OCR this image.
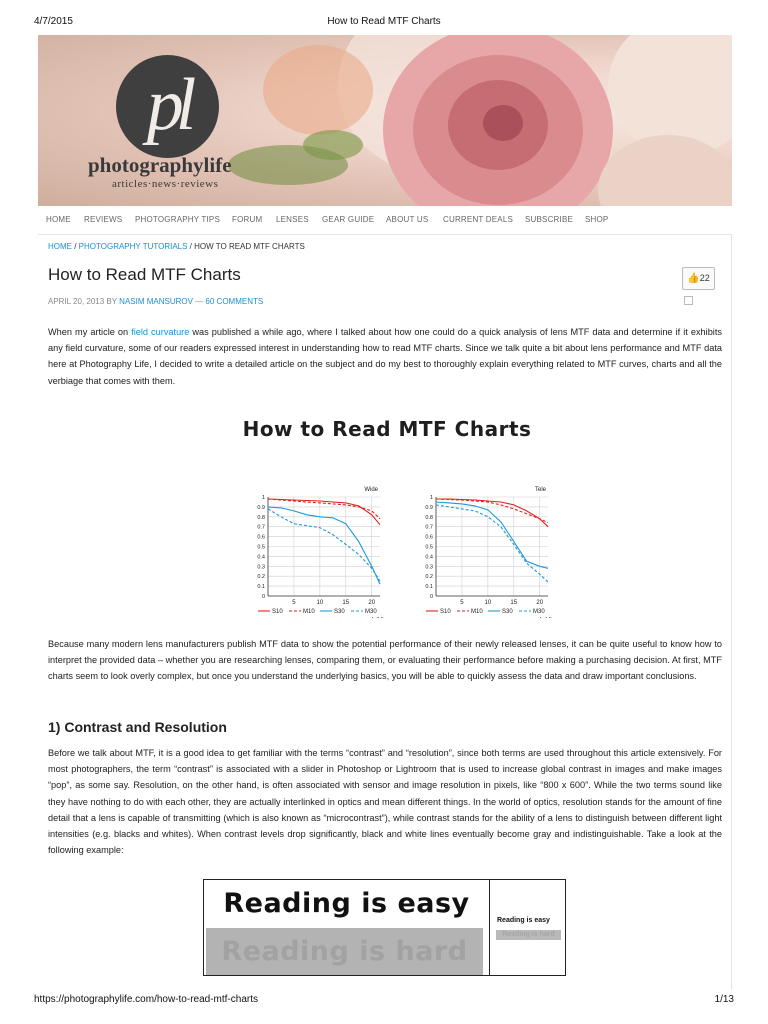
4/7/2015	How to Read MTF Charts
pl
photographylife
articles·news·reviews
HOME REVIEWS PHOTOGRAPHY TIPS FORUM LENSES GEAR GUIDE ABOUT US CURRENT DEALS SUBSCRIBE SHOP
HOME / PHOTOGRAPHY TUTORIALS / HOW TO READ MTF CHARTS
How to Read MTF Charts
APRIL 20, 2013 BY NASIM MANSUROV — 60 COMMENTS
👍22

When my article on field curvature was published a while ago, where I talked about how one could do a quick analysis of lens MTF data and determine if it exhibits any field curvature, some of our readers expressed interest in understanding how to read MTF charts. Since we talk quite a bit about lens performance and MTF data here at Photography Life, I decided to write a detailed article on the subject and do my best to thoroughly explain everything related to MTF curves, charts and all the verbiage that comes with them.

How to Read MTF Charts
1
0.9
0.8
0.7
0.6
0.5
0.4
0.3
0.2
0.1
0
5	10	15	20
Wide
S10	M10	S30	M30
1
0.9
0.8
0.7
0.6
0.5
0.4
0.3
0.2
0.1
0
5	10	15	20
Tele
S10	M10	S30	M30

Because many modern lens manufacturers publish MTF data to show the potential performance of their newly released lenses, it can be quite useful to know how to interpret the provided data – whether you are researching lenses, comparing them, or evaluating their performance before making a purchasing decision. At first, MTF charts seem to look overly complex, but once you understand the underlying basics, you will be able to quickly assess the data and draw important conclusions.

1) Contrast and Resolution

Before we talk about MTF, it is a good idea to get familiar with the terms “contrast” and “resolution”, since both terms are used throughout this article extensively. For most photographers, the term “contrast” is associated with a slider in Photoshop or Lightroom that is used to increase global contrast in images and make images “pop”, as some say. Resolution, on the other hand, is often associated with sensor and image resolution in pixels, like “800 x 600”. While the two terms sound like they have nothing to do with each other, they are actually interlinked in optics and mean different things. In the world of optics, resolution stands for the amount of fine detail that a lens is capable of transmitting (which is also known as “microcontrast”), while contrast stands for the ability of a lens to distinguish between different light intensities (e.g. blacks and whites). When contrast levels drop significantly, black and white lines eventually become gray and indistinguishable. Take a look at the following example:

Reading is easy
Reading is hard
Reading is easy
Reading is hard
https://photographylife.com/how-to-read-mtf-charts	1/13
